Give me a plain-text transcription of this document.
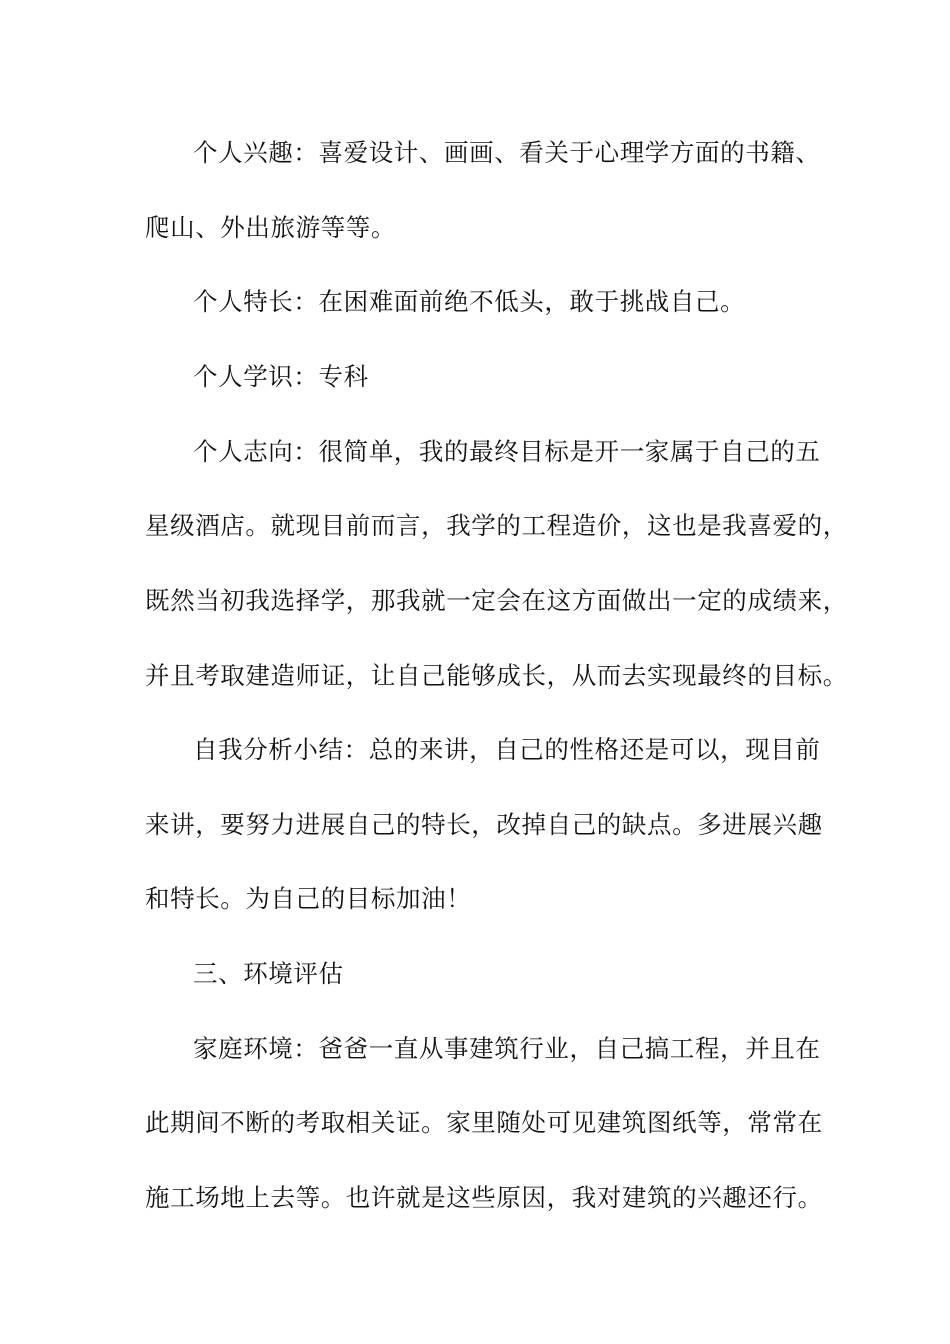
个人兴趣：喜爱设计、画画、看关于心理学方面的书籍、
爬山、外出旅游等等。
个人特长：在困难面前绝不低头，敢于挑战自己。
个人学识：专科
个人志向：很简单，我的最终目标是开一家属于自己的五
星级酒店。就现目前而言，我学的工程造价，这也是我喜爱的，
既然当初我选择学，那我就一定会在这方面做出一定的成绩来，
并且考取建造师证，让自己能够成长，从而去实现最终的目标。
自我分析小结：总的来讲，自己的性格还是可以，现目前
来讲，要努力进展自己的特长，改掉自己的缺点。多进展兴趣
和特长。为自己的目标加油！
三、环境评估
家庭环境：爸爸一直从事建筑行业，自己搞工程，并且在
此期间不断的考取相关证。家里随处可见建筑图纸等，常常在
施工场地上去等。也许就是这些原因，我对建筑的兴趣还行。
